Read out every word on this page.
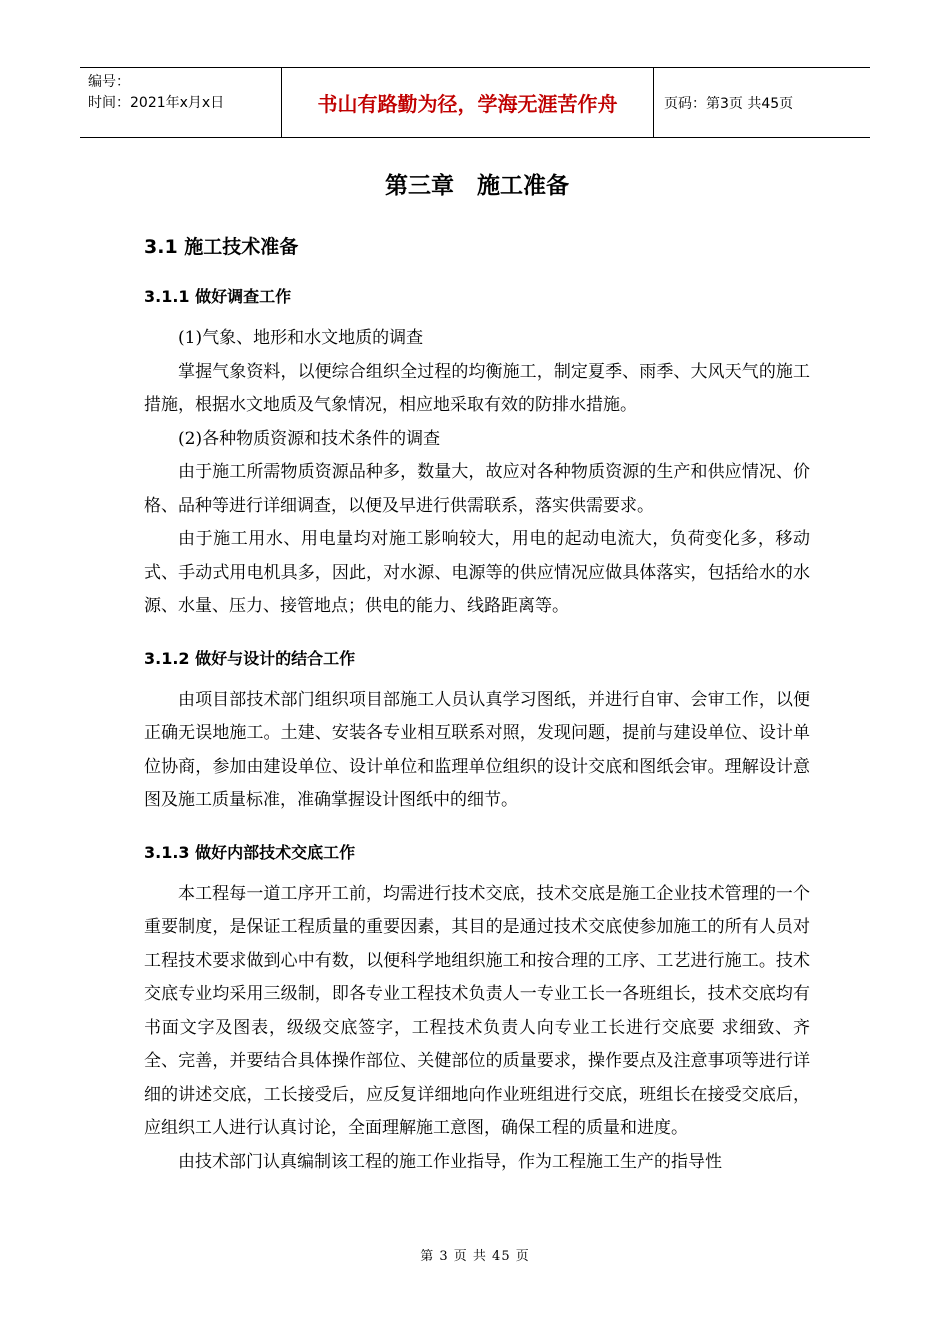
编号：
时间：2021年x月x日	书山有路勤为径，学海无涯苦作舟	页码：第3页 共45页
第三章　施工准备
3.1 施工技术准备
3.1.1 做好调查工作

(1)气象、地形和水文地质的调查

掌握气象资料，以便综合组织全过程的均衡施工，制定夏季、雨季、大风天气的施工措施，根据水文地质及气象情况，相应地采取有效的防排水措施。

(2)各种物质资源和技术条件的调查

由于施工所需物质资源品种多，数量大，故应对各种物质资源的生产和供应情况、价格、品种等进行详细调查，以便及早进行供需联系，落实供需要求。

由于施工用水、用电量均对施工影响较大，用电的起动电流大，负荷变化多，移动式、手动式用电机具多，因此，对水源、电源等的供应情况应做具体落实，包括给水的水源、水量、压力、接管地点；供电的能力、线路距离等。

3.1.2 做好与设计的结合工作

由项目部技术部门组织项目部施工人员认真学习图纸，并进行自审、会审工作，以便正确无误地施工。土建、安装各专业相互联系对照，发现问题，提前与建设单位、设计单位协商，参加由建设单位、设计单位和监理单位组织的设计交底和图纸会审。理解设计意图及施工质量标准，准确掌握设计图纸中的细节。

3.1.3 做好内部技术交底工作

本工程每一道工序开工前，均需进行技术交底，技术交底是施工企业技术管理的一个重要制度，是保证工程质量的重要因素，其目的是通过技术交底使参加施工的所有人员对工程技术要求做到心中有数，以便科学地组织施工和按合理的工序、工艺进行施工。技术交底专业均采用三级制，即各专业工程技术负责人一专业工长一各班组长，技术交底均有书面文字及图表，级级交底签字，工程技术负责人向专业工长进行交底要 求细致、齐全、完善，并要结合具体操作部位、关健部位的质量要求，操作要点及注意事项等进行详细的讲述交底，工长接受后，应反复详细地向作业班组进行交底，班组长在接受交底后，应组织工人进行认真讨论，全面理解施工意图，确保工程的质量和进度。

由技术部门认真编制该工程的施工作业指导，作为工程施工生产的指导性

第 3 页 共 45 页
